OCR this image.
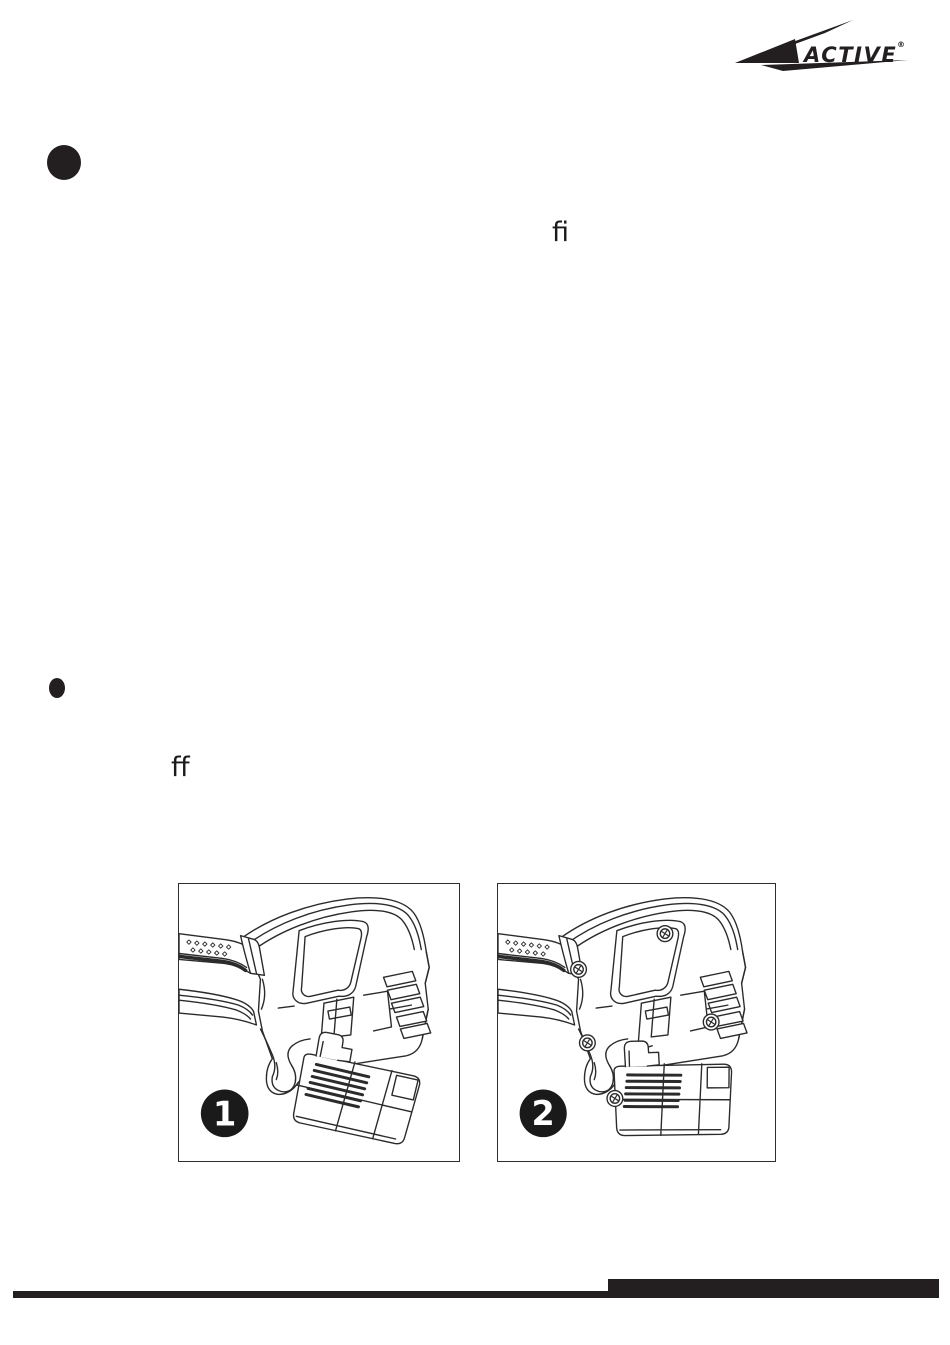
ACTIVE ®
fi
ff
1	2
